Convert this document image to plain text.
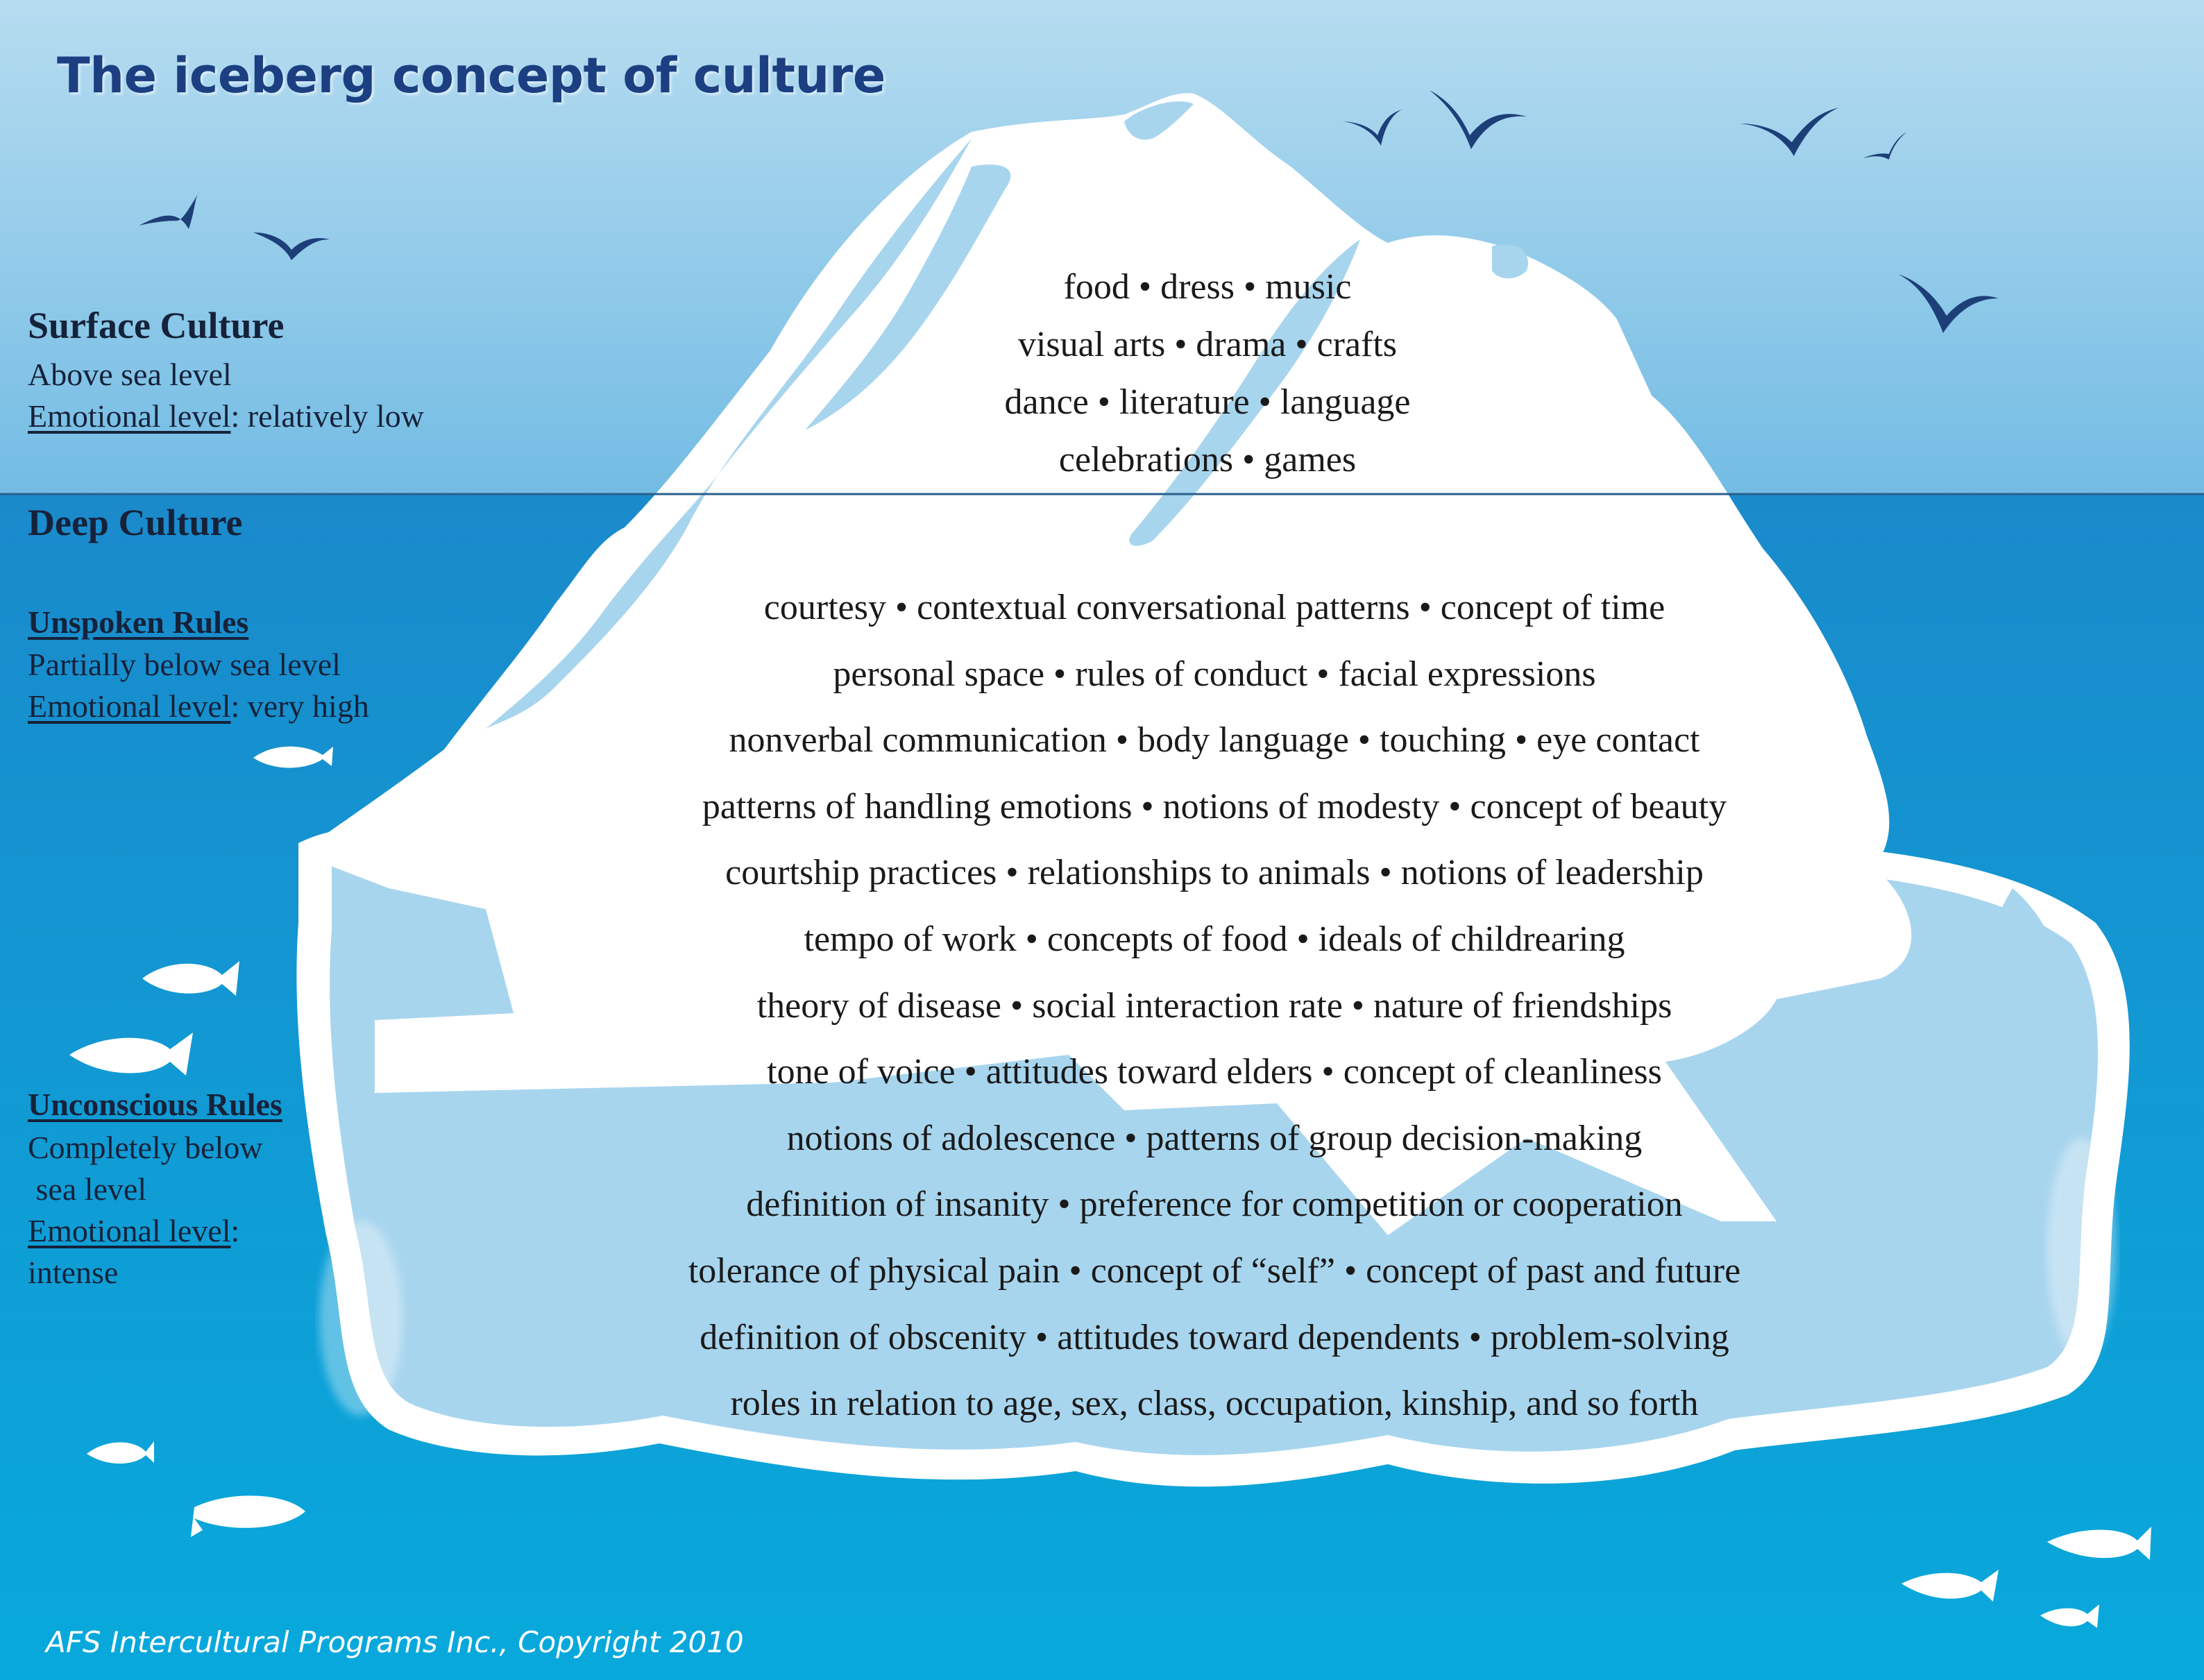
The iceberg concept of culture
Surface Culture
Above sea level
Emotional level: relatively low
Deep Culture
Unspoken Rules
Partially below sea level
Emotional level: very high
Unconscious Rules
Completely below
sea level
Emotional level:
intense
food • dress • music
visual arts • drama • crafts
dance • literature • language
celebrations • games
courtesy • contextual conversational patterns • concept of time
personal space • rules of conduct • facial expressions
nonverbal communication • body language • touching • eye contact
patterns of handling emotions • notions of modesty • concept of beauty
courtship practices • relationships to animals • notions of leadership
tempo of work • concepts of food • ideals of childrearing
theory of disease • social interaction rate • nature of friendships
tone of voice • attitudes toward elders • concept of cleanliness
notions of adolescence • patterns of group decision-making
definition of insanity • preference for competition or cooperation
tolerance of physical pain • concept of “self” • concept of past and future
definition of obscenity • attitudes toward dependents • problem-solving
roles in relation to age, sex, class, occupation, kinship, and so forth
AFS Intercultural Programs Inc., Copyright 2010
